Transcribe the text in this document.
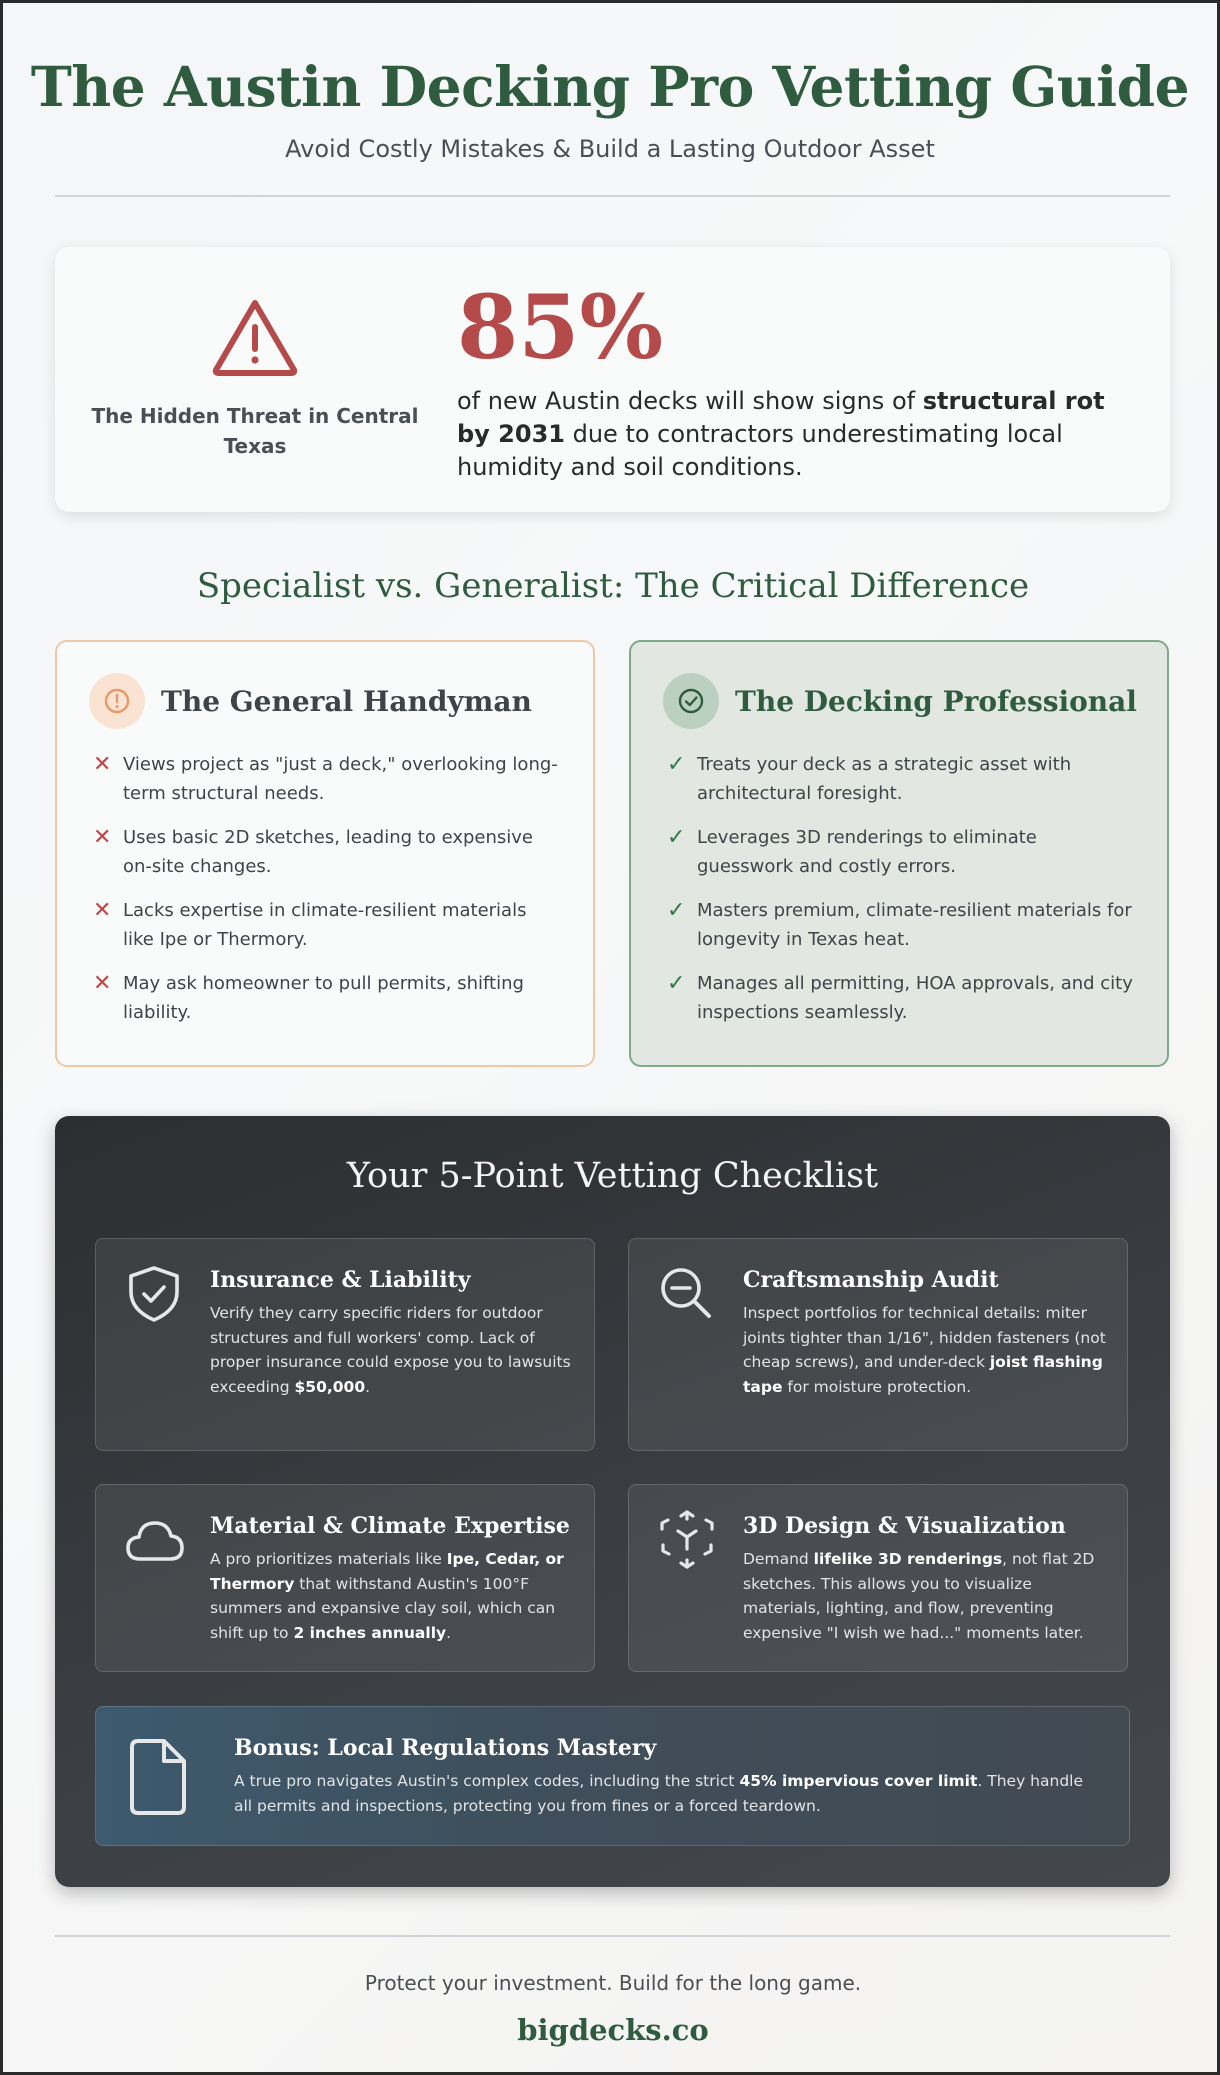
The Austin Decking Pro Vetting Guide
Avoid Costly Mistakes & Build a Lasting Outdoor Asset
The Hidden Threat in Central Texas
85%
of new Austin decks will show signs of structural rot by 2031 due to contractors underestimating local humidity and soil conditions.
Specialist vs. Generalist: The Critical Difference
The General Handyman
✕ Views project as "just a deck," overlooking long-term structural needs.
✕ Uses basic 2D sketches, leading to expensive on-site changes.
✕ Lacks expertise in climate-resilient materials like Ipe or Thermory.
✕ May ask homeowner to pull permits, shifting liability.
The Decking Professional
✓ Treats your deck as a strategic asset with architectural foresight.
✓ Leverages 3D renderings to eliminate guesswork and costly errors.
✓ Masters premium, climate-resilient materials for longevity in Texas heat.
✓ Manages all permitting, HOA approvals, and city inspections seamlessly.
Your 5-Point Vetting Checklist
Insurance & Liability
Verify they carry specific riders for outdoor structures and full workers' comp. Lack of proper insurance could expose you to lawsuits exceeding $50,000.
Craftsmanship Audit
Inspect portfolios for technical details: miter joints tighter than 1/16", hidden fasteners (not cheap screws), and under-deck joist flashing tape for moisture protection.
Material & Climate Expertise
A pro prioritizes materials like Ipe, Cedar, or Thermory that withstand Austin's 100°F summers and expansive clay soil, which can shift up to 2 inches annually.
3D Design & Visualization
Demand lifelike 3D renderings, not flat 2D sketches. This allows you to visualize materials, lighting, and flow, preventing expensive "I wish we had..." moments later.
Bonus: Local Regulations Mastery
A true pro navigates Austin's complex codes, including the strict 45% impervious cover limit. They handle all permits and inspections, protecting you from fines or a forced teardown.
Protect your investment. Build for the long game.
bigdecks.co
